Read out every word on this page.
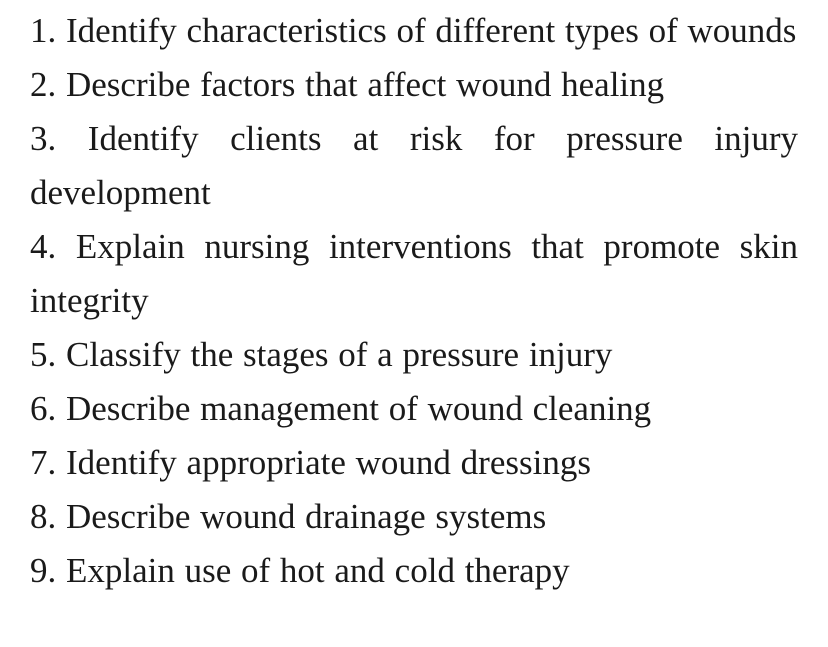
1. Identify characteristics of different types of wounds
2. Describe factors that affect wound healing
3. Identify clients at risk for pressure injury development
4. Explain nursing interventions that promote skin integrity
5. Classify the stages of a pressure injury
6. Describe management of wound cleaning
7. Identify appropriate wound dressings
8. Describe wound drainage systems
9. Explain use of hot and cold therapy
